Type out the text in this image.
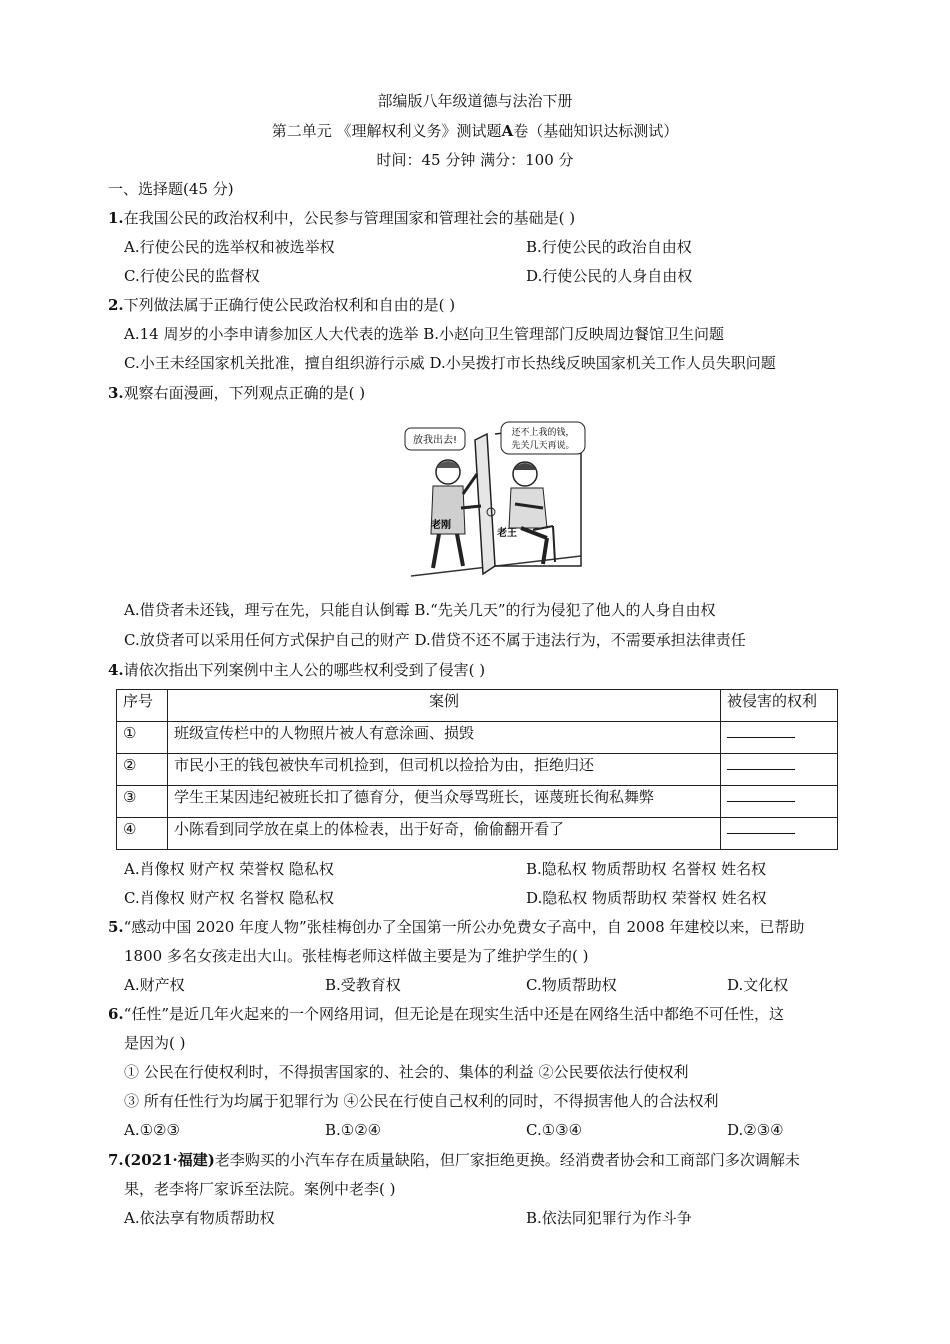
部编版八年级道德与法治下册
第二单元 《理解权利义务》测试题A卷（基础知识达标测试）
时间：45 分钟 满分：100 分
一、选择题(45 分)
1.在我国公民的政治权利中，公民参与管理国家和管理社会的基础是( )
A.行使公民的选举权和被选举权	B.行使公民的政治自由权
C.行使公民的监督权	D.行使公民的人身自由权
2.下列做法属于正确行使公民政治权利和自由的是( )
A.14 周岁的小李申请参加区人大代表的选举 B.小赵向卫生管理部门反映周边餐馆卫生问题
C.小王未经国家机关批准，擅自组织游行示威 D.小吴拨打市长热线反映国家机关工作人员失职问题
3.观察右面漫画，下列观点正确的是( )
放我出去!
还不上我的钱，
先关几天再说。
老刚
老王
A.借贷者未还钱，理亏在先，只能自认倒霉 B.“先关几天”的行为侵犯了他人的人身自由权
C.放贷者可以采用任何方式保护自己的财产 D.借贷不还不属于违法行为，不需要承担法律责任
4.请依次指出下列案例中主人公的哪些权利受到了侵害( )
序号	案例	被侵害的权利
①	班级宣传栏中的人物照片被人有意涂画、损毁	
②	市民小王的钱包被快车司机捡到，但司机以捡拾为由，拒绝归还	
③	学生王某因违纪被班长扣了德育分，便当众辱骂班长，诬蔑班长徇私舞弊	
④	小陈看到同学放在桌上的体检表，出于好奇，偷偷翻开看了	
A.肖像权 财产权 荣誉权 隐私权	B.隐私权 物质帮助权 名誉权 姓名权
C.肖像权 财产权 名誉权 隐私权	D.隐私权 物质帮助权 荣誉权 姓名权
5.“感动中国 2020 年度人物”张桂梅创办了全国第一所公办免费女子高中，自 2008 年建校以来，已帮助
1800 多名女孩走出大山。张桂梅老师这样做主要是为了维护学生的( )
A.财产权	B.受教育权	C.物质帮助权	D.文化权
6.“任性”是近几年火起来的一个网络用词，但无论是在现实生活中还是在网络生活中都绝不可任性，这
是因为( )
① 公民在行使权利时，不得损害国家的、社会的、集体的利益 ②公民要依法行使权利
③ 所有任性行为均属于犯罪行为 ④公民在行使自己权利的同时，不得损害他人的合法权利
A.①②③	B.①②④	C.①③④	D.②③④
7.(2021·福建)老李购买的小汽车存在质量缺陷，但厂家拒绝更换。经消费者协会和工商部门多次调解未
果，老李将厂家诉至法院。案例中老李( )
A.依法享有物质帮助权	B.依法同犯罪行为作斗争
